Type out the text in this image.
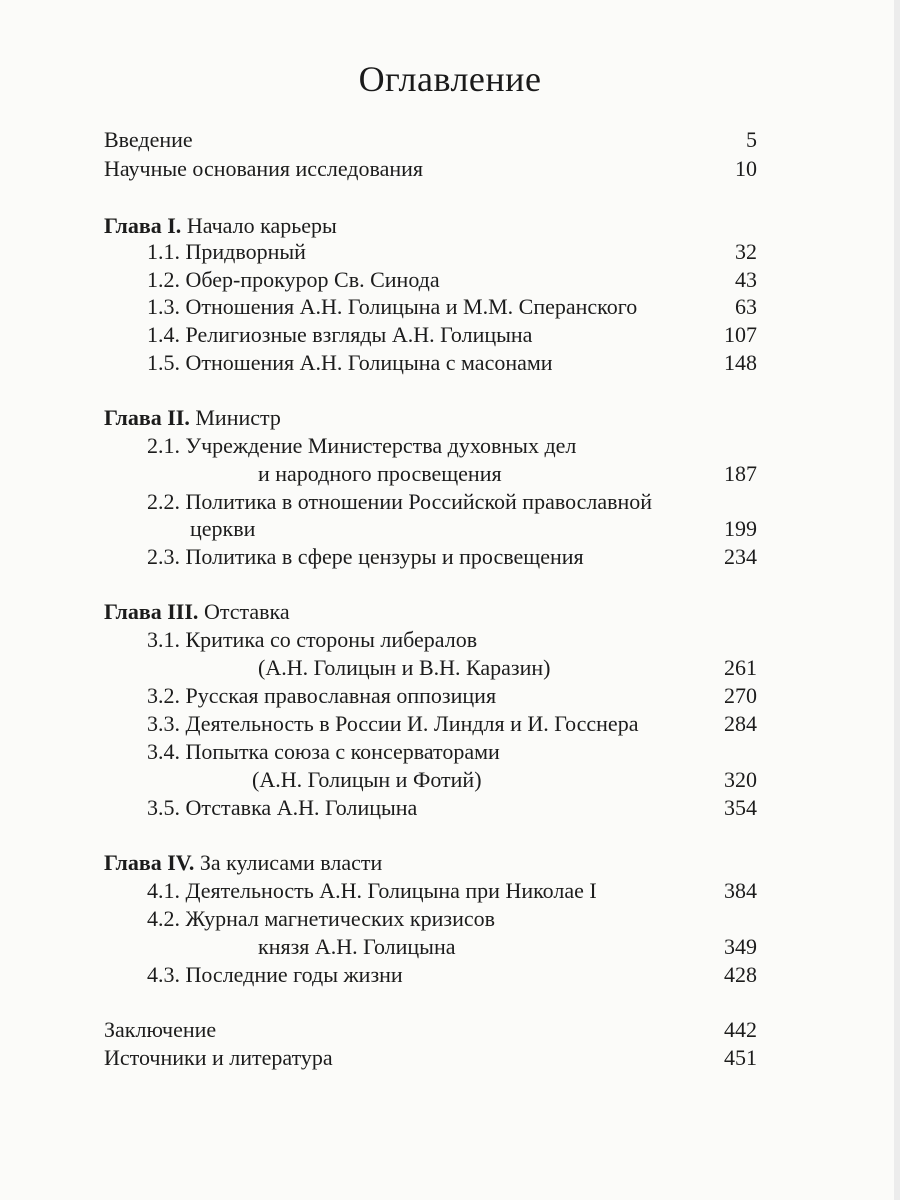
Оглавление
Введение	5
Научные основания исследования	10
Глава I. Начало карьеры
1.1. Придворный	32
1.2. Обер-прокурор Св. Синода	43
1.3. Отношения А.Н. Голицына и М.М. Сперанского	63
1.4. Религиозные взгляды А.Н. Голицына	107
1.5. Отношения А.Н. Голицына с масонами	148
Глава II. Министр
2.1. Учреждение Министерства духовных дел
и народного просвещения	187
2.2. Политика в отношении Российской православной
церкви	199
2.3. Политика в сфере цензуры и просвещения	234
Глава III. Отставка
3.1. Критика со стороны либералов
(А.Н. Голицын и В.Н. Каразин)	261
3.2. Русская православная оппозиция	270
3.3. Деятельность в России И. Линдля и И. Госснера	284
3.4. Попытка союза с консерваторами
(А.Н. Голицын и Фотий)	320
3.5. Отставка А.Н. Голицына	354
Глава IV. За кулисами власти
4.1. Деятельность А.Н. Голицына при Николае I	384
4.2. Журнал магнетических кризисов
князя А.Н. Голицына	349
4.3. Последние годы жизни	428
Заключение	442
Источники и литература	451
